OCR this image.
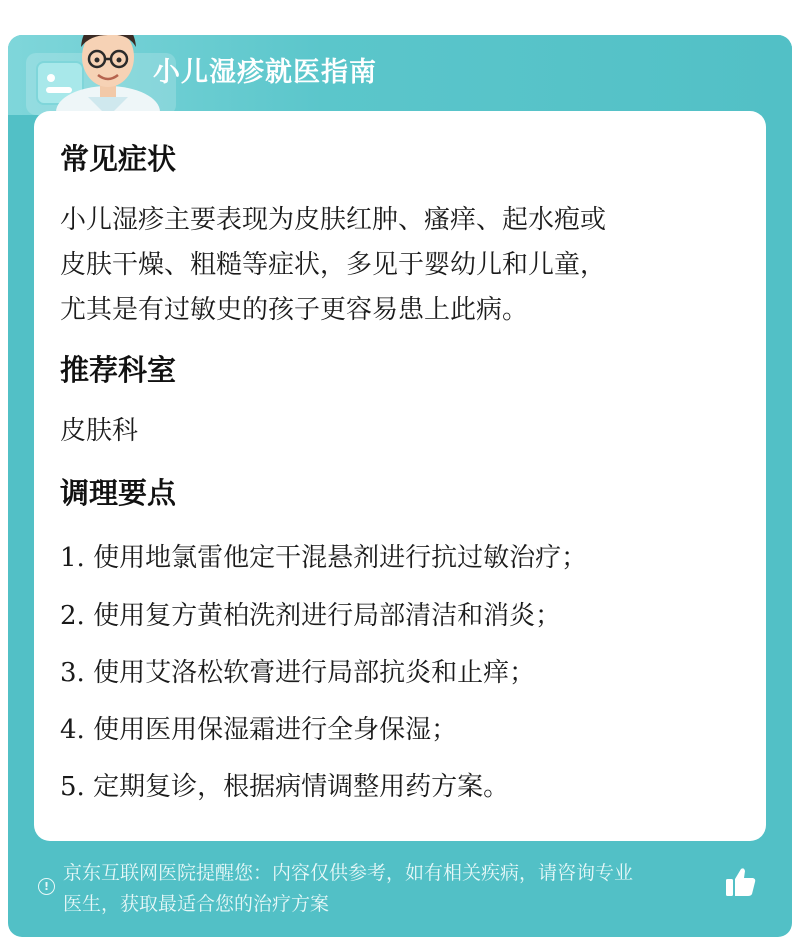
小儿湿疹就医指南
常见症状
小儿湿疹主要表现为皮肤红肿、瘙痒、起水疱或
皮肤干燥、粗糙等症状，多见于婴幼儿和儿童，
尤其是有过敏史的孩子更容易患上此病。
推荐科室
皮肤科
调理要点
1. 使用地氯雷他定干混悬剂进行抗过敏治疗；
2. 使用复方黄柏洗剂进行局部清洁和消炎；
3. 使用艾洛松软膏进行局部抗炎和止痒；
4. 使用医用保湿霜进行全身保湿；
5. 定期复诊，根据病情调整用药方案。
!
京东互联网医院提醒您：内容仅供参考，如有相关疾病，请咨询专业
医生，获取最适合您的治疗方案
